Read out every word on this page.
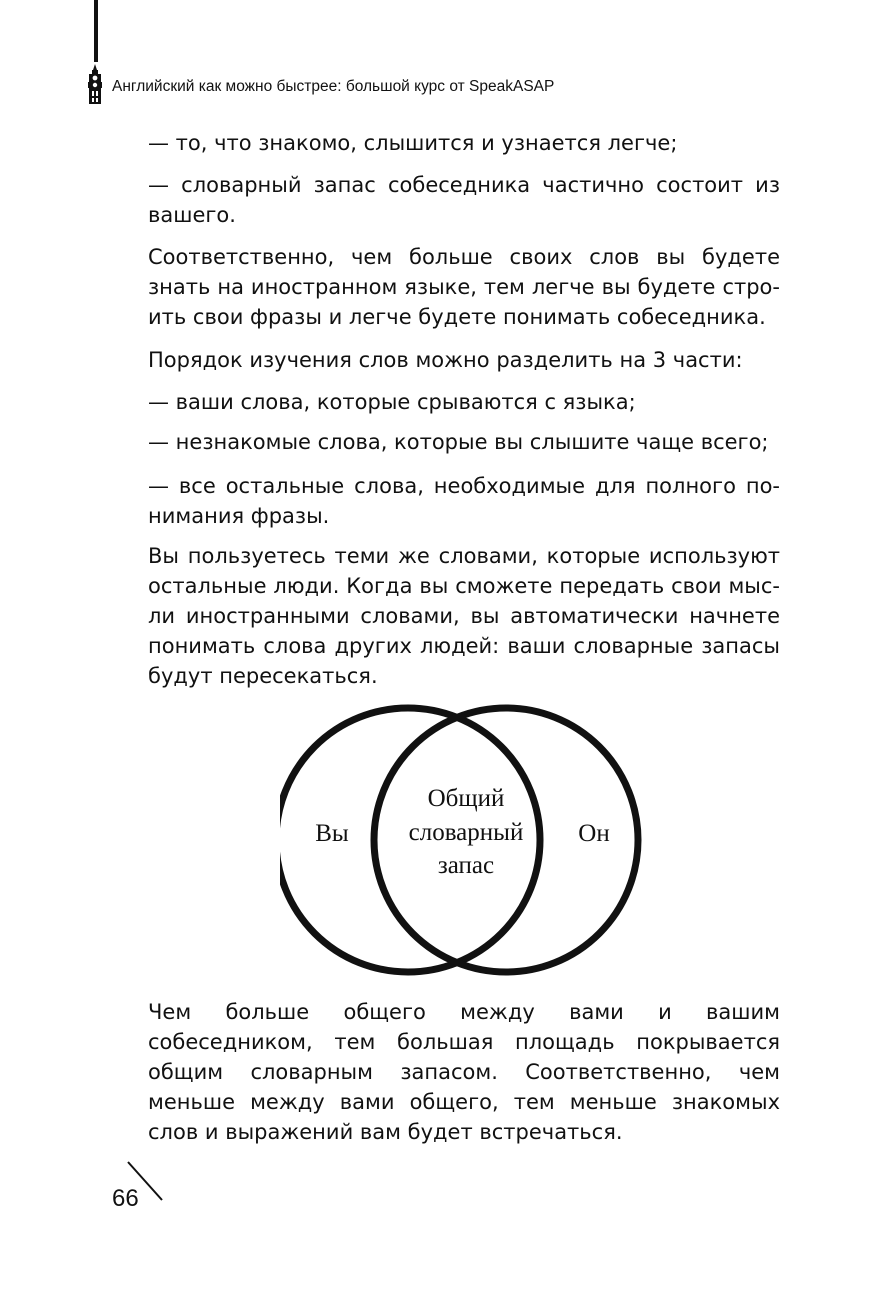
Английский как можно быстрее: большой курс от SpeakASAP
— то, что знакомо, слышится и узнается легче;
— словарный запас собеседника частично состоит из вашего.
Соответственно, чем больше своих слов вы будете знать на иностранном языке, тем легче вы будете строить свои фразы и легче будете понимать собеседника.
Порядок изучения слов можно разделить на 3 части:
— ваши слова, которые срываются с языка;
— незнакомые слова, которые вы слышите чаще всего;
— все остальные слова, необходимые для полного понимания фразы.
Вы пользуетесь теми же словами, которые используют остальные люди. Когда вы сможете передать свои мысли иностранными словами, вы автоматически начнете понимать слова других людей: ваши словарные запасы будут пересекаться.
Вы	Он
Общий
словарный
запас
Чем больше общего между вами и вашим собеседником, тем большая площадь покрывается общим словарным запасом. Соответственно, чем меньше между вами общего, тем меньше знакомых слов и выражений вам будет встречаться.
66
